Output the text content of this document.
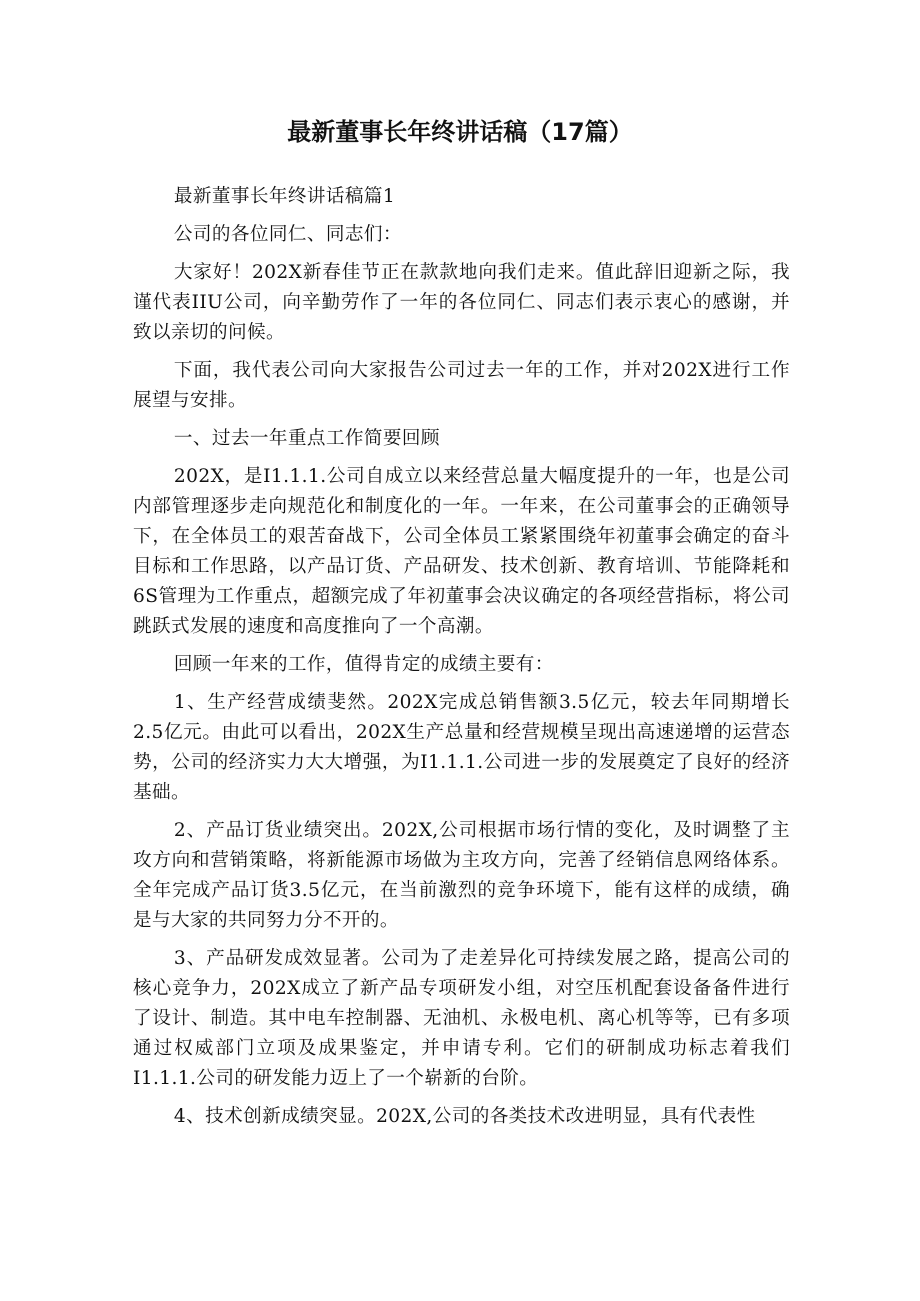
最新董事长年终讲话稿（17篇）

最新董事长年终讲话稿篇1

公司的各位同仁、同志们：

大家好！202X新春佳节正在款款地向我们走来。值此辞旧迎新之际，我谨代表IIU公司，向辛勤劳作了一年的各位同仁、同志们表示衷心的感谢，并致以亲切的问候。

下面，我代表公司向大家报告公司过去一年的工作，并对202X进行工作展望与安排。

一、过去一年重点工作简要回顾

202X，是I1.1.1.公司自成立以来经营总量大幅度提升的一年，也是公司内部管理逐步走向规范化和制度化的一年。一年来，在公司董事会的正确领导下，在全体员工的艰苦奋战下，公司全体员工紧紧围绕年初董事会确定的奋斗目标和工作思路，以产品订货、产品研发、技术创新、教育培训、节能降耗和6S管理为工作重点，超额完成了年初董事会决议确定的各项经营指标，将公司跳跃式发展的速度和高度推向了一个高潮。

回顾一年来的工作，值得肯定的成绩主要有：

1、生产经营成绩斐然。202X完成总销售额3.5亿元，较去年同期增长2.5亿元。由此可以看出，202X生产总量和经营规模呈现出高速递增的运营态势，公司的经济实力大大增强，为I1.1.1.公司进一步的发展奠定了良好的经济基础。

2、产品订货业绩突出。202X,公司根据市场行情的变化，及时调整了主攻方向和营销策略，将新能源市场做为主攻方向，完善了经销信息网络体系。全年完成产品订货3.5亿元，在当前激烈的竞争环境下，能有这样的成绩，确是与大家的共同努力分不开的。

3、产品研发成效显著。公司为了走差异化可持续发展之路，提高公司的核心竞争力，202X成立了新产品专项研发小组，对空压机配套设备备件进行了设计、制造。其中电车控制器、无油机、永极电机、离心机等等，已有多项通过权威部门立项及成果鉴定，并申请专利。它们的研制成功标志着我们I1.1.1.公司的研发能力迈上了一个崭新的台阶。

4、技术创新成绩突显。202X,公司的各类技术改进明显，具有代表性
